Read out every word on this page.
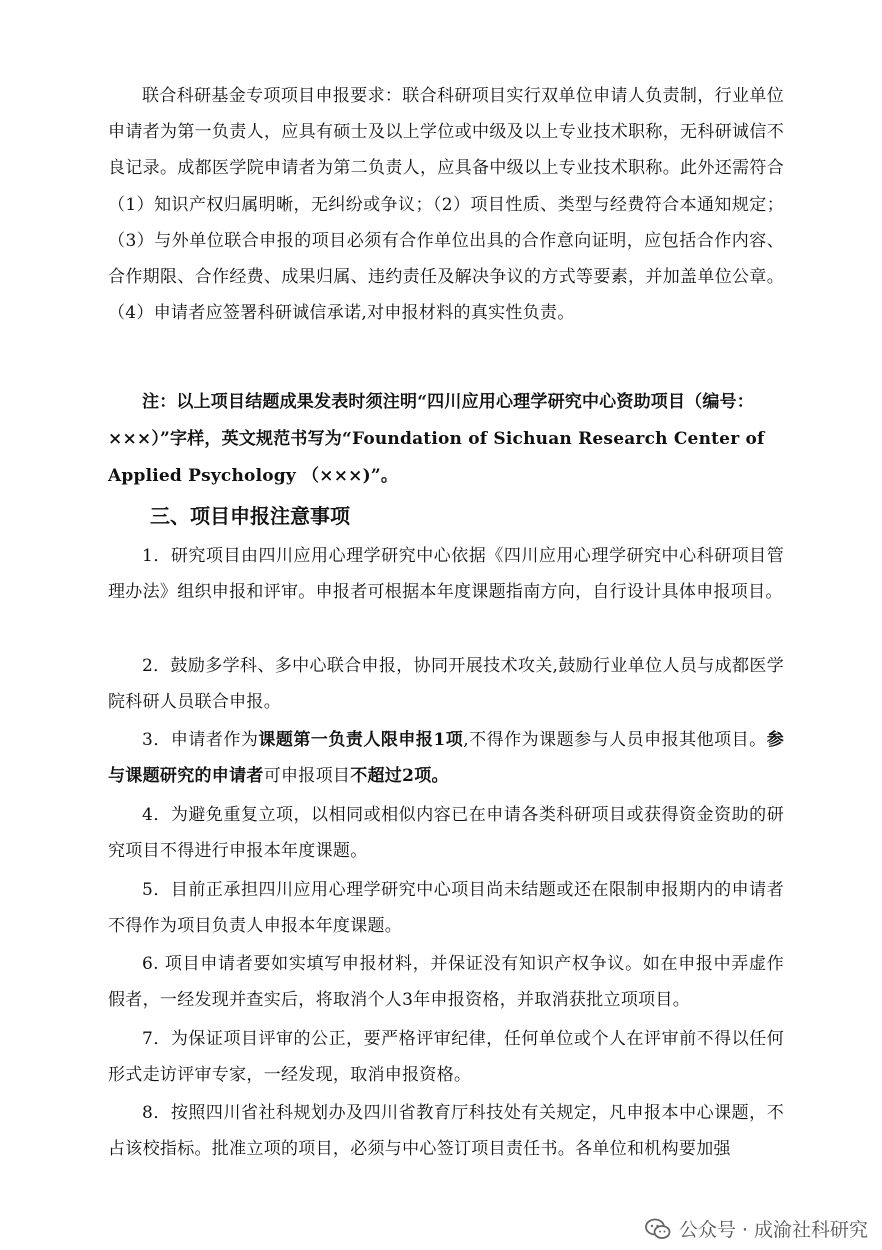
联合科研基金专项项目申报要求：联合科研项目实行双单位申请人负责制，行业单位申请者为第一负责人，应具有硕士及以上学位或中级及以上专业技术职称，无科研诚信不良记录。成都医学院申请者为第二负责人，应具备中级以上专业技术职称。此外还需符合（1）知识产权归属明晰，无纠纷或争议；（2）项目性质、类型与经费符合本通知规定；（3）与外单位联合申报的项目必须有合作单位出具的合作意向证明，应包括合作内容、合作期限、合作经费、成果归属、违约责任及解决争议的方式等要素，并加盖单位公章。（4）申请者应签署科研诚信承诺,对申报材料的真实性负责。

注：以上项目结题成果发表时须注明“四川应用心理学研究中心资助项目（编号：×××）”字样，英文规范书写为“Foundation of Sichuan Research Center of Applied Psychology （×××)”。

三、项目申报注意事项

1．研究项目由四川应用心理学研究中心依据《四川应用心理学研究中心科研项目管理办法》组织申报和评审。申报者可根据本年度课题指南方向，自行设计具体申报项目。

2．鼓励多学科、多中心联合申报，协同开展技术攻关,鼓励行业单位人员与成都医学院科研人员联合申报。

3．申请者作为课题第一负责人限申报1项,不得作为课题参与人员申报其他项目。参与课题研究的申请者可申报项目不超过2项。

4．为避免重复立项，以相同或相似内容已在申请各类科研项目或获得资金资助的研究项目不得进行申报本年度课题。

5．目前正承担四川应用心理学研究中心项目尚未结题或还在限制申报期内的申请者不得作为项目负责人申报本年度课题。

6. 项目申请者要如实填写申报材料，并保证没有知识产权争议。如在申报中弄虚作假者，一经发现并查实后，将取消个人3年申报资格，并取消获批立项项目。

7．为保证项目评审的公正，要严格评审纪律，任何单位或个人在评审前不得以任何形式走访评审专家，一经发现，取消申报资格。

8．按照四川省社科规划办及四川省教育厅科技处有关规定，凡申报本中心课题，不占该校指标。批准立项的项目，必须与中心签订项目责任书。各单位和机构要加强

公众号 · 成渝社科研究
